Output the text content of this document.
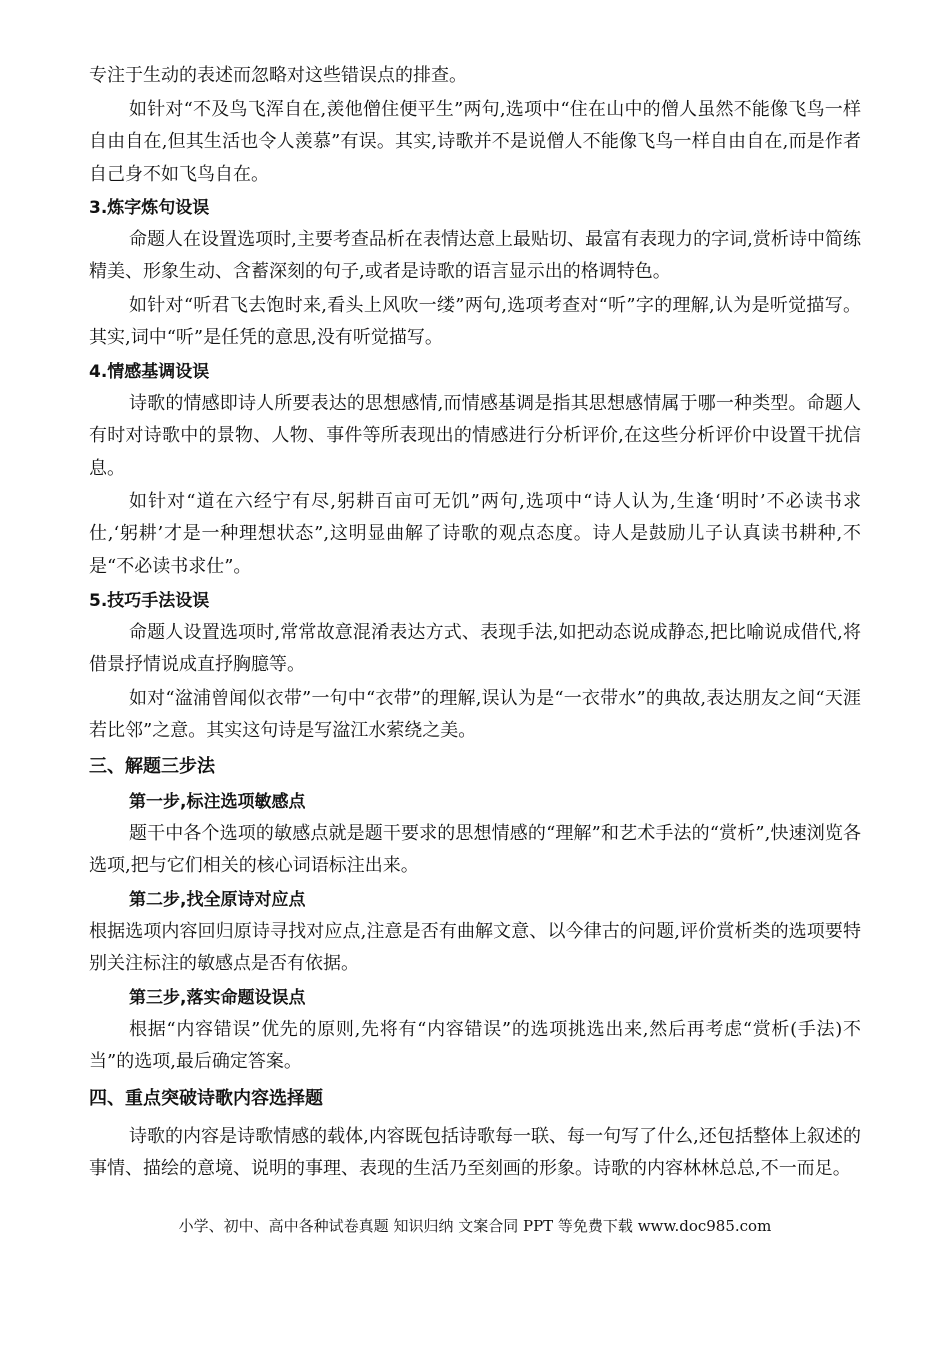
专注于生动的表述而忽略对这些错误点的排查。

如针对“不及鸟飞浑自在,羡他僧住便平生”两句,选项中“住在山中的僧人虽然不能像飞鸟一样自由自在,但其生活也令人羡慕”有误。其实,诗歌并不是说僧人不能像飞鸟一样自由自在,而是作者自己身不如飞鸟自在。

3.炼字炼句设误

命题人在设置选项时,主要考查品析在表情达意上最贴切、最富有表现力的字词,赏析诗中简练精美、形象生动、含蓄深刻的句子,或者是诗歌的语言显示出的格调特色。

如针对“听君飞去饱时来,看头上风吹一缕”两句,选项考查对“听”字的理解,认为是听觉描写。其实,词中“听”是任凭的意思,没有听觉描写。

4.情感基调设误

诗歌的情感即诗人所要表达的思想感情,而情感基调是指其思想感情属于哪一种类型。命题人有时对诗歌中的景物、人物、事件等所表现出的情感进行分析评价,在这些分析评价中设置干扰信息。

如针对“道在六经宁有尽,躬耕百亩可无饥”两句,选项中“诗人认为,生逢‘明时’不必读书求仕,‘躬耕’才是一种理想状态”,这明显曲解了诗歌的观点态度。诗人是鼓励儿子认真读书耕种,不是“不必读书求仕”。

5.技巧手法设误

命题人设置选项时,常常故意混淆表达方式、表现手法,如把动态说成静态,把比喻说成借代,将借景抒情说成直抒胸臆等。

如对“湓浦曾闻似衣带”一句中“衣带”的理解,误认为是“一衣带水”的典故,表达朋友之间“天涯若比邻”之意。其实这句诗是写湓江水萦绕之美。

三、解题三步法

第一步,标注选项敏感点

题干中各个选项的敏感点就是题干要求的思想情感的“理解”和艺术手法的“赏析”,快速浏览各选项,把与它们相关的核心词语标注出来。

第二步,找全原诗对应点

根据选项内容回归原诗寻找对应点,注意是否有曲解文意、以今律古的问题,评价赏析类的选项要特别关注标注的敏感点是否有依据。

第三步,落实命题设误点

根据“内容错误”优先的原则,先将有“内容错误”的选项挑选出来,然后再考虑“赏析(手法)不当”的选项,最后确定答案。

四、重点突破诗歌内容选择题

诗歌的内容是诗歌情感的载体,内容既包括诗歌每一联、每一句写了什么,还包括整体上叙述的事情、描绘的意境、说明的事理、表现的生活乃至刻画的形象。诗歌的内容林林总总,不一而足。

小学、初中、高中各种试卷真题 知识归纳 文案合同 PPT 等免费下载 www.doc985.com
